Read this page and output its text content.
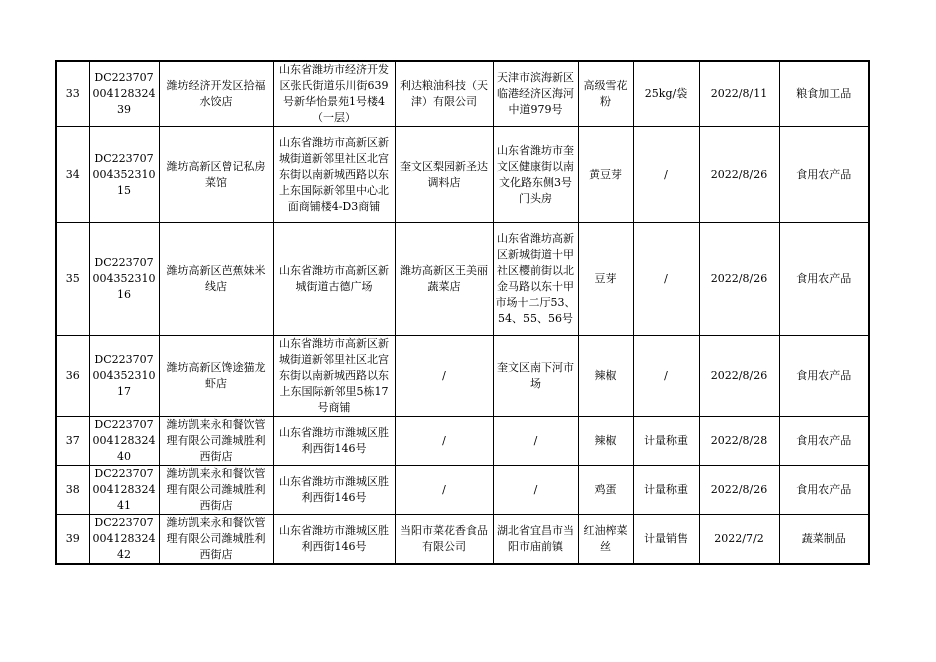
33	DC22370700412832439	潍坊经济开发区拾福水饺店	山东省潍坊市经济开发区张氏街道乐川街639号新华怡景苑1号楼4（一层）	利达粮油科技（天津）有限公司	天津市滨海新区临港经济区海河中道979号	高级雪花粉	25kg/袋	2022/8/11	粮食加工品
34	DC22370700435231015	潍坊高新区曾记私房菜馆	山东省潍坊市高新区新城街道新邻里社区北宫东街以南新城西路以东上东国际新邻里中心北面商铺楼4-D3商铺	奎文区梨园新圣达调料店	山东省潍坊市奎文区健康街以南文化路东侧3号门头房	黄豆芽	/	2022/8/26	食用农产品
35	DC22370700435231016	潍坊高新区芭蕉妹米线店	山东省潍坊市高新区新城街道古德广场	潍坊高新区王美丽蔬菜店	山东省潍坊高新区新城街道十甲社区樱前街以北金马路以东十甲市场十二厅53、54、55、56号	豆芽	/	2022/8/26	食用农产品
36	DC22370700435231017	潍坊高新区馋途猫龙虾店	山东省潍坊市高新区新城街道新邻里社区北宫东街以南新城西路以东上东国际新邻里5栋17号商铺	/	奎文区南下河市场	辣椒	/	2022/8/26	食用农产品
37	DC22370700412832440	潍坊凯来永和餐饮管理有限公司潍城胜利西街店	山东省潍坊市潍城区胜利西街146号	/	/	辣椒	计量称重	2022/8/28	食用农产品
38	DC22370700412832441	潍坊凯来永和餐饮管理有限公司潍城胜利西街店	山东省潍坊市潍城区胜利西街146号	/	/	鸡蛋	计量称重	2022/8/26	食用农产品
39	DC22370700412832442	潍坊凯来永和餐饮管理有限公司潍城胜利西街店	山东省潍坊市潍城区胜利西街146号	当阳市菜花香食品有限公司	湖北省宜昌市当阳市庙前镇	红油榨菜丝	计量销售	2022/7/2	蔬菜制品
